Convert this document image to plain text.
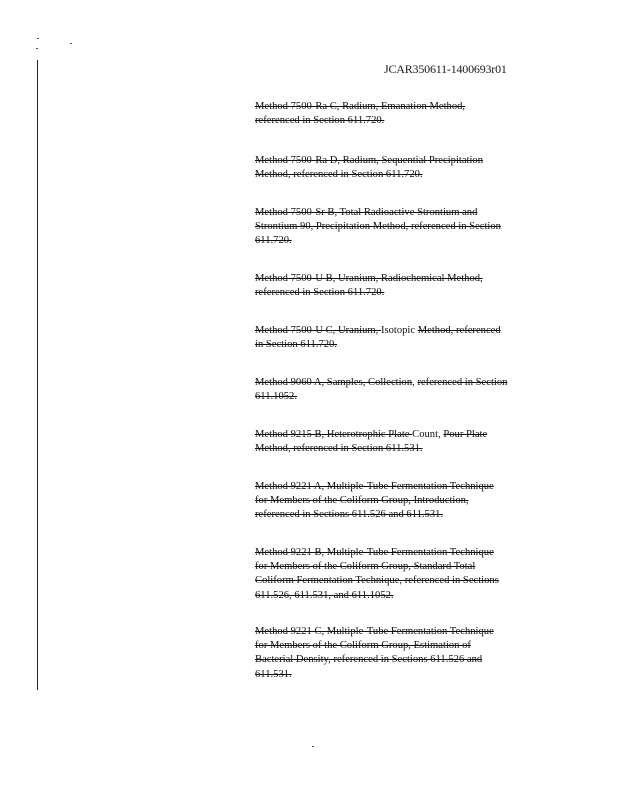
JCAR350611-1400693r01
Method 7500-Ra C, Radium, Emanation Method,
referenced in Section 611.720.
Method 7500-Ra D, Radium, Sequential Precipitation
Method, referenced in Section 611.720.
Method 7500-Sr B, Total Radioactive Strontium and
Strontium 90, Precipitation Method, referenced in Section
611.720.
Method 7500-U B, Uranium, Radiochemical Method,
referenced in Section 611.720.
Method 7500-U C, Uranium, Isotopic Method, referenced
in Section 611.720.
Method 9060 A, Samples, Collection, referenced in Section
611.1052.
Method 9215 B, Heterotrophic Plate Count, Pour Plate
Method, referenced in Section 611.531.
Method 9221 A, Multiple-Tube Fermentation Technique
for Members of the Coliform Group, Introduction,
referenced in Sections 611.526 and 611.531.
Method 9221 B, Multiple-Tube Fermentation Technique
for Members of the Coliform Group, Standard Total
Coliform Fermentation Technique, referenced in Sections
611.526, 611.531, and 611.1052.
Method 9221 C, Multiple-Tube Fermentation Technique
for Members of the Coliform Group, Estimation of
Bacterial Density, referenced in Sections 611.526 and
611.531.
